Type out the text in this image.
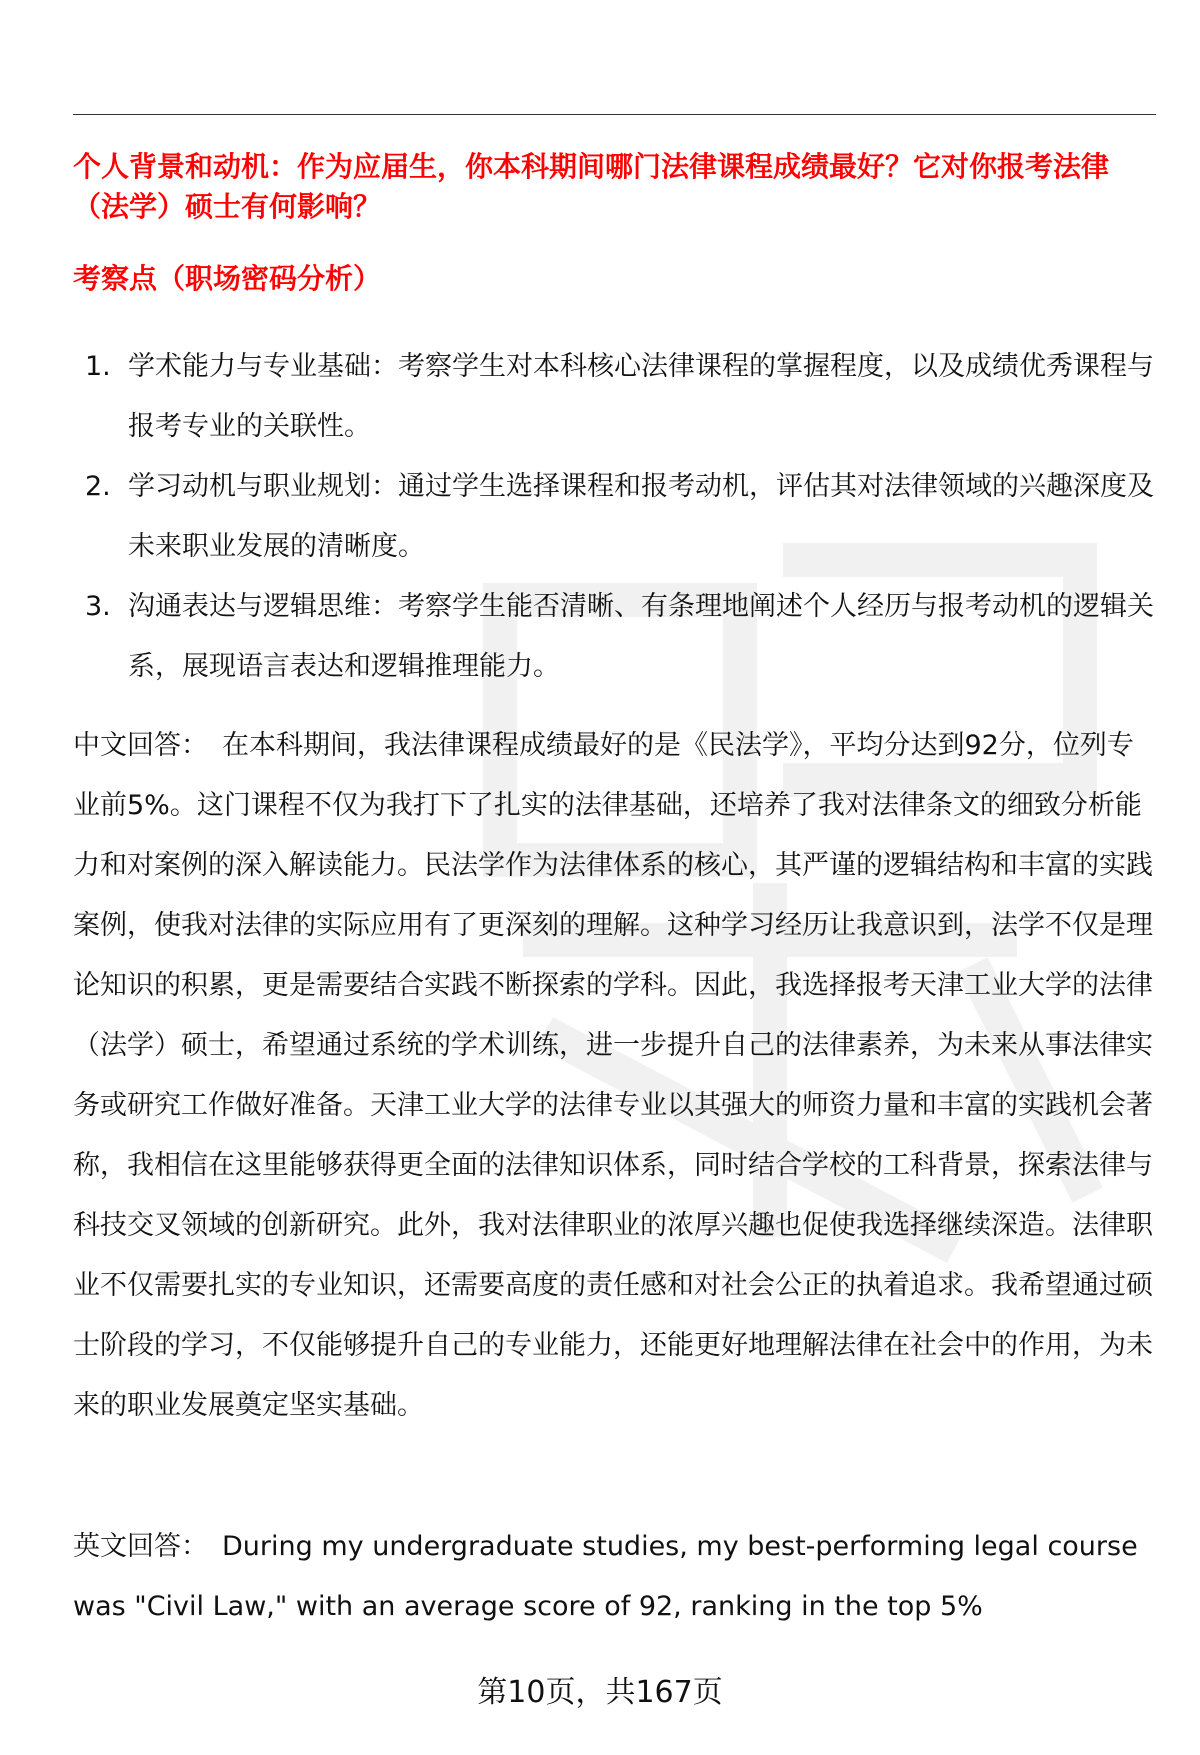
个人背景和动机：作为应届生，你本科期间哪门法律课程成绩最好？它对你报考法律（法学）硕士有何影响？
考察点（职场密码分析）
1. 学术能力与专业基础：考察学生对本科核心法律课程的掌握程度，以及成绩优秀课程与报考专业的关联性。
2. 学习动机与职业规划：通过学生选择课程和报考动机，评估其对法律领域的兴趣深度及未来职业发展的清晰度。
3. 沟通表达与逻辑思维：考察学生能否清晰、有条理地阐述个人经历与报考动机的逻辑关系，展现语言表达和逻辑推理能力。

中文回答： 在本科期间，我法律课程成绩最好的是《民法学》，平均分达到92分，位列专业前5%。这门课程不仅为我打下了扎实的法律基础，还培养了我对法律条文的细致分析能力和对案例的深入解读能力。民法学作为法律体系的核心，其严谨的逻辑结构和丰富的实践案例，使我对法律的实际应用有了更深刻的理解。这种学习经历让我意识到，法学不仅是理论知识的积累，更是需要结合实践不断探索的学科。因此，我选择报考天津工业大学的法律（法学）硕士，希望通过系统的学术训练，进一步提升自己的法律素养，为未来从事法律实务或研究工作做好准备。天津工业大学的法律专业以其强大的师资力量和丰富的实践机会著称，我相信在这里能够获得更全面的法律知识体系，同时结合学校的工科背景，探索法律与科技交叉领域的创新研究。此外，我对法律职业的浓厚兴趣也促使我选择继续深造。法律职业不仅需要扎实的专业知识，还需要高度的责任感和对社会公正的执着追求。我希望通过硕士阶段的学习，不仅能够提升自己的专业能力，还能更好地理解法律在社会中的作用，为未来的职业发展奠定坚实基础。

英文回答： During my undergraduate studies, my best-performing legal course was "Civil Law," with an average score of 92, ranking in the top 5%

第10页，共167页
